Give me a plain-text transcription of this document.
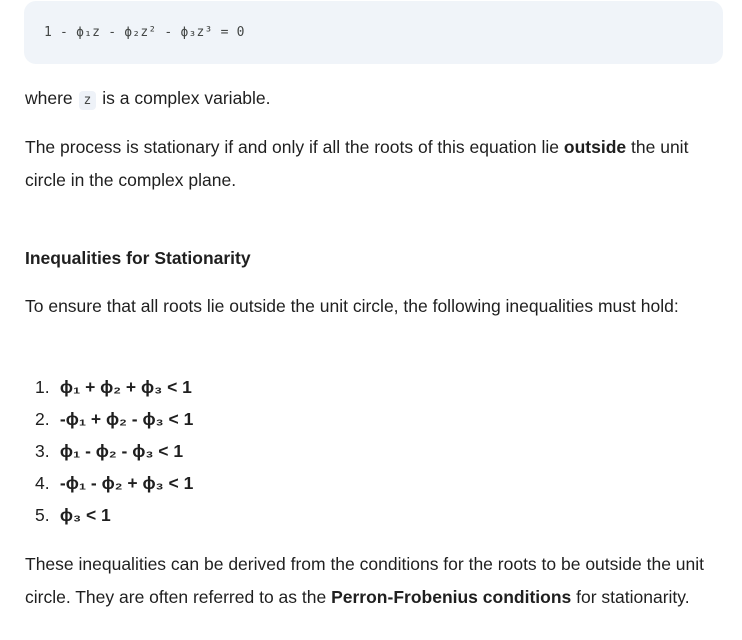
1 - ϕ₁z - ϕ₂z² - ϕ₃z³ = 0

where z is a complex variable.

The process is stationary if and only if all the roots of this equation lie outside the unit circle in the complex plane.

Inequalities for Stationarity

To ensure that all roots lie outside the unit circle, the following inequalities must hold:

1. ϕ₁ + ϕ₂ + ϕ₃ < 1
2. -ϕ₁ + ϕ₂ - ϕ₃ < 1
3. ϕ₁ - ϕ₂ - ϕ₃ < 1
4. -ϕ₁ - ϕ₂ + ϕ₃ < 1
5. ϕ₃ < 1

These inequalities can be derived from the conditions for the roots to be outside the unit circle. They are often referred to as the Perron-Frobenius conditions for stationarity.
